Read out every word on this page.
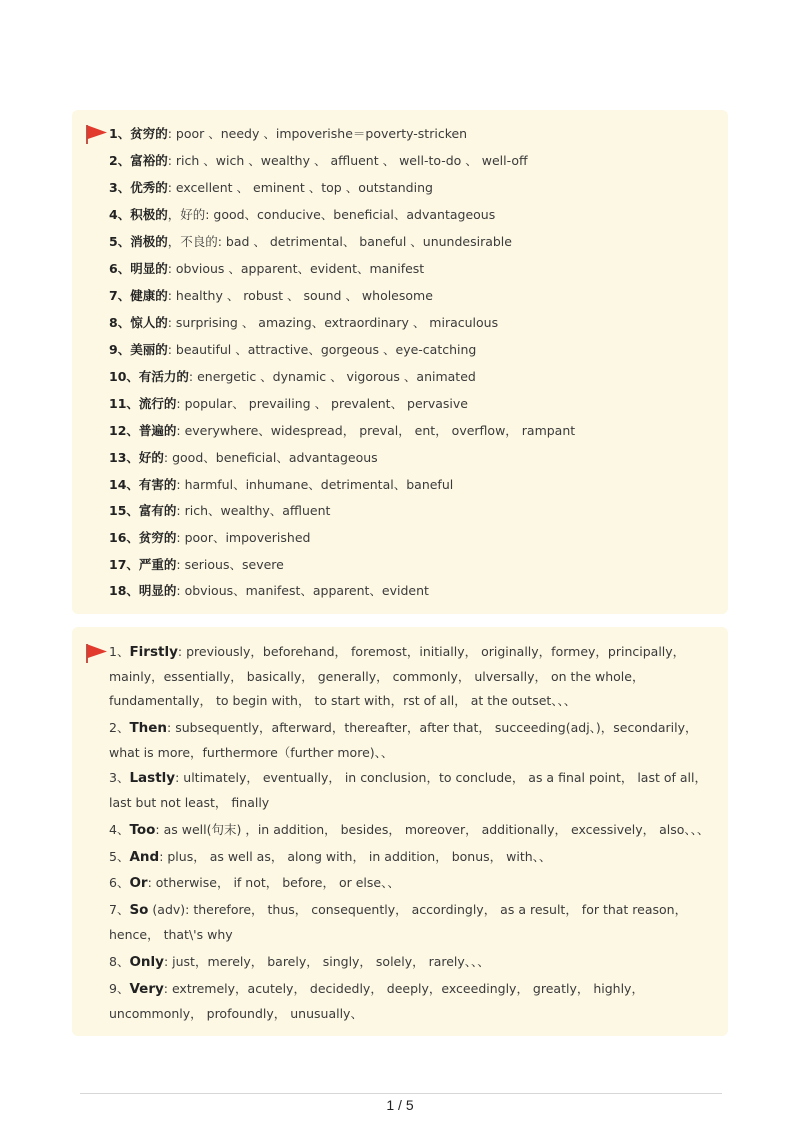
1、贫穷的: poor 、needy 、impoverishe＝poverty-stricken
2、富裕的: rich 、wich 、wealthy 、 affluent 、 well-to-do 、 well-off
3、优秀的: excellent 、 eminent 、top 、outstanding
4、积极的，好的: good、conducive、beneficial、advantageous
5、消极的，不良的: bad 、 detrimental、 baneful 、unundesirable
6、明显的: obvious 、apparent、evident、manifest
7、健康的: healthy 、 robust 、 sound 、 wholesome
8、惊人的: surprising 、 amazing、extraordinary 、 miraculous
9、美丽的: beautiful 、attractive、gorgeous 、eye-catching
10、有活力的: energetic 、dynamic 、 vigorous 、animated
11、流行的: popular、 prevailing 、 prevalent、 pervasive
12、普遍的: everywhere、widespread， preval， ent， overflow， rampant
13、好的: good、beneficial、advantageous
14、有害的: harmful、inhumane、detrimental、baneful
15、富有的: rich、wealthy、affluent
16、贫穷的: poor、impoverished
17、严重的: serious、severe
18、明显的: obvious、manifest、apparent、evident
1、Firstly: previously，beforehand， foremost，initially， originally，formey，principally， mainly，essentially， basically， generally， commonly， ulversally， on the whole， fundamentally， to begin with， to start with，rst of all， at the outset、、、
2、Then: subsequently，afterward，thereafter，after that， succeeding(adj、)，secondarily，what is more，furthermore（further more)、、
3、Lastly: ultimately， eventually， in conclusion，to conclude， as a final point， last of all， last but not least， finally
4、Too: as well(句末) ，in addition， besides， moreover， additionally， excessively， also、、、
5、And: plus， as well as， along with， in addition， bonus， with、、
6、Or: otherwise， if not， before， or else、、
7、So (adv): therefore， thus， consequently， accordingly， as a result， for that reason， hence， that\'s why
8、Only: just，merely， barely， singly， solely， rarely、、、
9、Very: extremely，acutely， decidedly， deeply，exceedingly， greatly， highly， uncommonly， profoundly， unusually、
1 / 5
